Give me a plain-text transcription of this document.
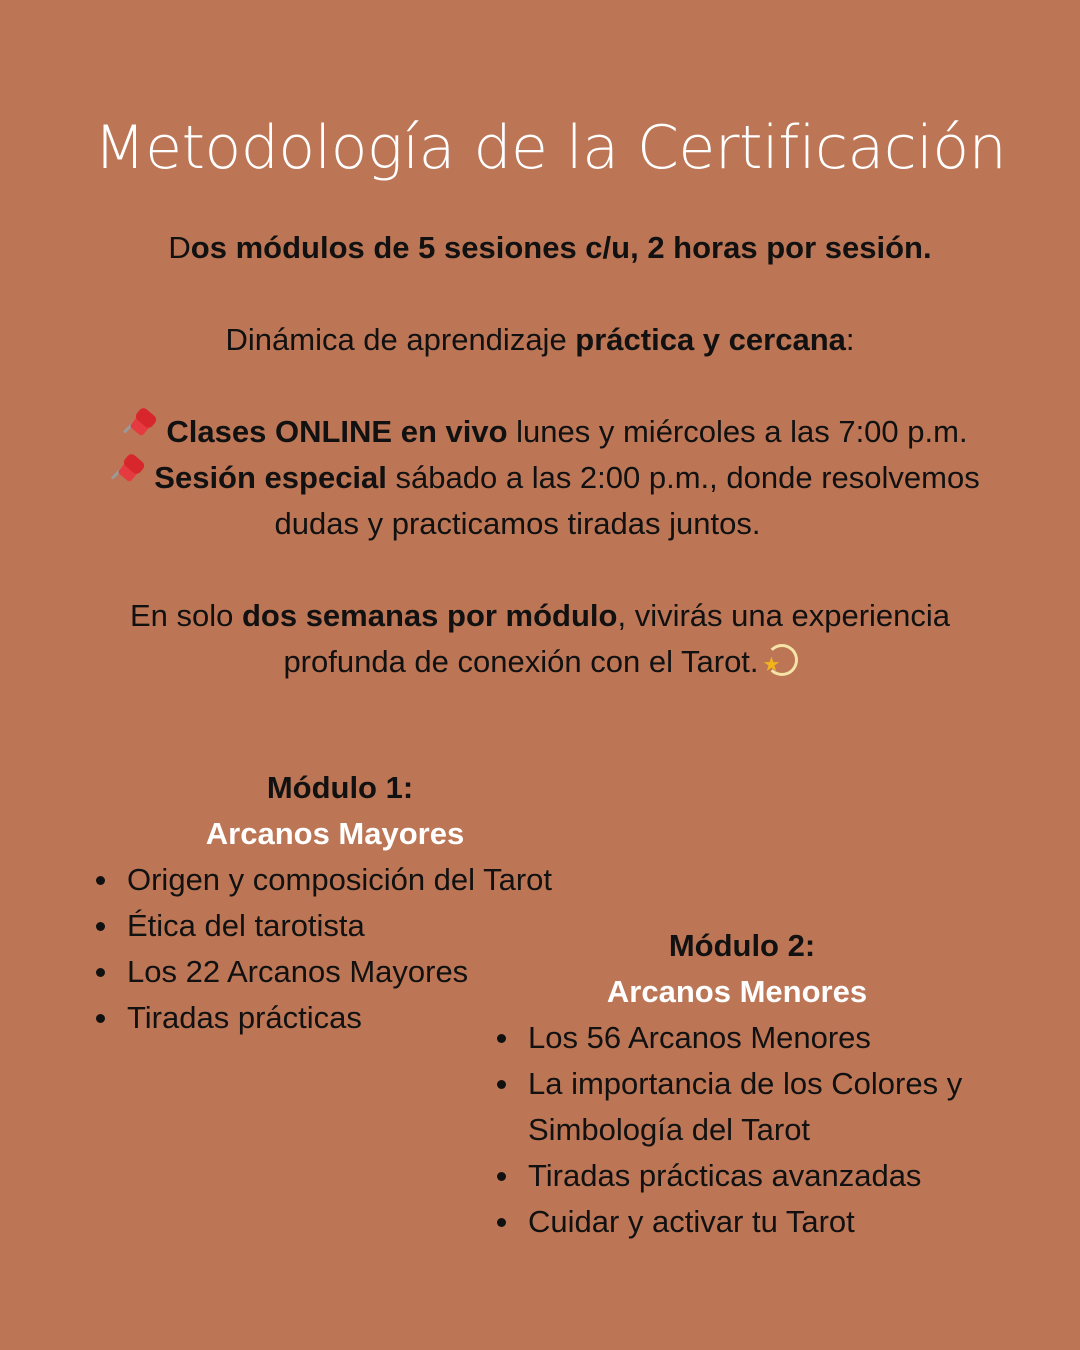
Metodología de la Certificación
Dos módulos de 5 sesiones c/u, 2 horas por sesión.
Dinámica de aprendizaje práctica y cercana:
Clases ONLINE en vivo lunes y miércoles a las 7:00 p.m.
Sesión especial sábado a las 2:00 p.m., donde resolvemos
dudas y practicamos tiradas juntos.
En solo dos semanas por módulo, vivirás una experiencia
profunda de conexión con el Tarot. ★
Módulo 1:
Arcanos Mayores
Origen y composición del Tarot
Ética del tarotista
Los 22 Arcanos Mayores
Tiradas prácticas
Módulo 2:
Arcanos Menores
Los 56 Arcanos Menores
La importancia de los Colores y
Simbología del Tarot
Tiradas prácticas avanzadas
Cuidar y activar tu Tarot
